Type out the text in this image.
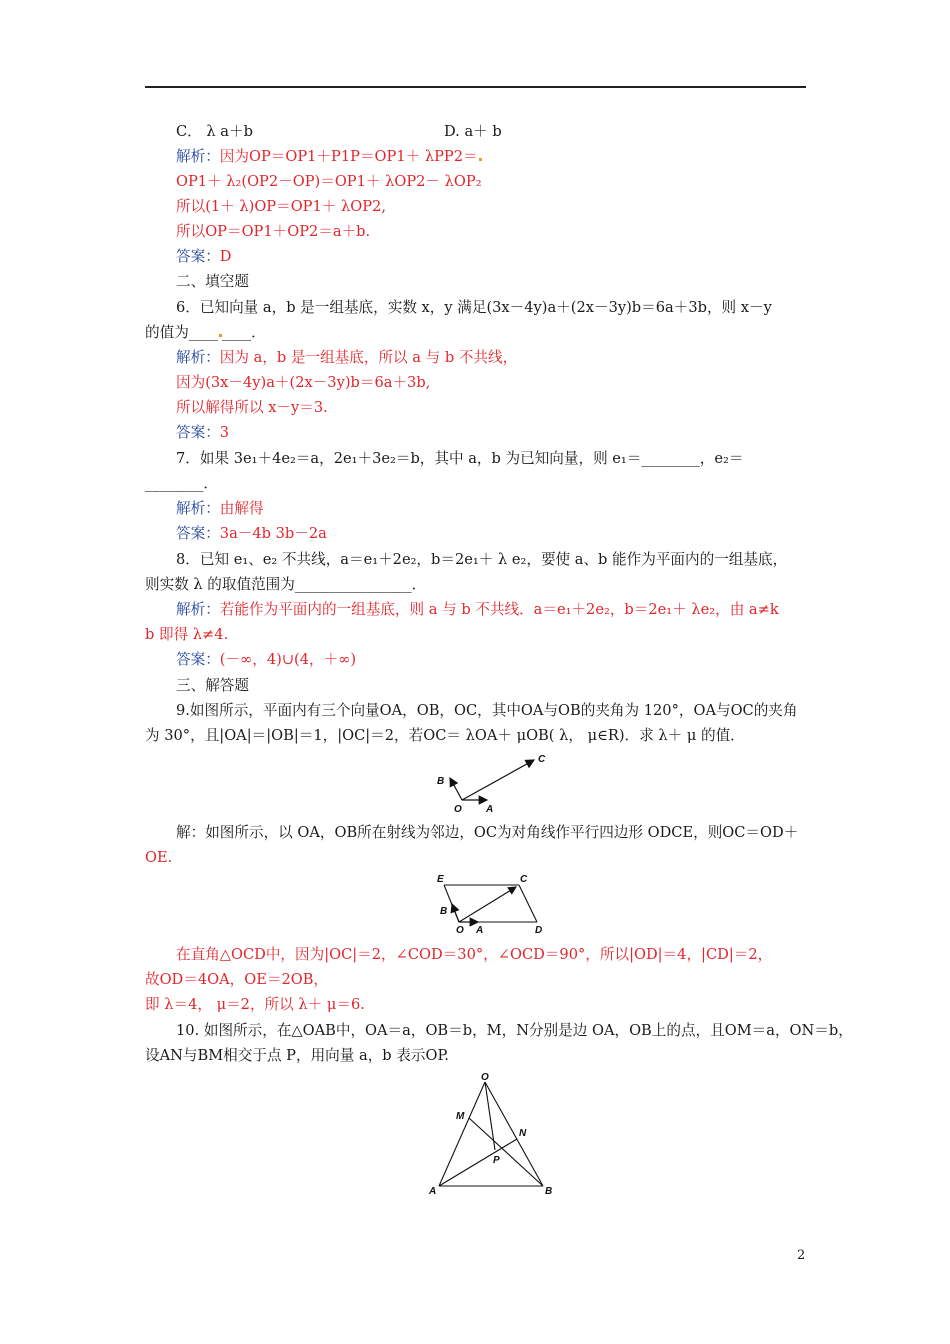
C． λ a＋b	D. a＋ b
解析：因为OP＝OP1＋P1P＝OP1＋ λPP2＝
OP1＋ λ₂(OP2－OP)＝OP1＋ λOP2－ λOP₂
所以(1＋ λ)OP＝OP1＋ λOP2,
所以OP＝OP1＋OP2＝a＋b.
答案：D
二、填空题
6．已知向量 a，b 是一组基底，实数 x，y 满足(3x－4y)a＋(2x－3y)b＝6a＋3b，则 x－y
的值为____ ____．
解析：因为 a，b 是一组基底，所以 a 与 b 不共线，
因为(3x－4y)a＋(2x－3y)b＝6a＋3b,
所以解得所以 x－y＝3.
答案：3
7．如果 3e₁＋4e₂＝a，2e₁＋3e₂＝b，其中 a，b 为已知向量，则 e₁＝________，e₂＝
________．
解析：由解得
答案：3a－4b 3b－2a
8．已知 e₁、e₂ 不共线，a＝e₁＋2e₂，b＝2e₁＋ λ e₂，要使 a、b 能作为平面内的一组基底，
则实数 λ 的取值范围为________________．
解析：若能作为平面内的一组基底，则 a 与 b 不共线．a＝e₁＋2e₂，b＝2e₁＋ λe₂，由 a≠k
b 即得 λ≠4.
答案：(－∞，4)∪(4，＋∞)
三、解答题
9.如图所示，平面内有三个向量OA，OB，OC，其中OA与OB的夹角为 120°，OA与OC的夹角
为 30°，且|OA|＝|OB|＝1，|OC|＝2，若OC＝ λOA＋ μOB( λ， μ∈R)．求 λ＋ μ 的值．
B
C
O A
解：如图所示，以 OA，OB所在射线为邻边，OC为对角线作平行四边形 ODCE，则OC＝OD＋
OE.
E	C
B
O A	D
在直角△OCD中，因为|OC|＝2，∠COD＝30°，∠OCD＝90°，所以|OD|＝4，|CD|＝2，
故OD＝4OA，OE＝2OB，
即 λ＝4， μ＝2，所以 λ＋ μ＝6.
10. 如图所示，在△OAB中，OA＝a，OB＝b，M，N分别是边 OA，OB上的点，且OM＝a，ON＝b，
设AN与BM相交于点 P，用向量 a，b 表示OP.
O
M
N
P
A	B
2
